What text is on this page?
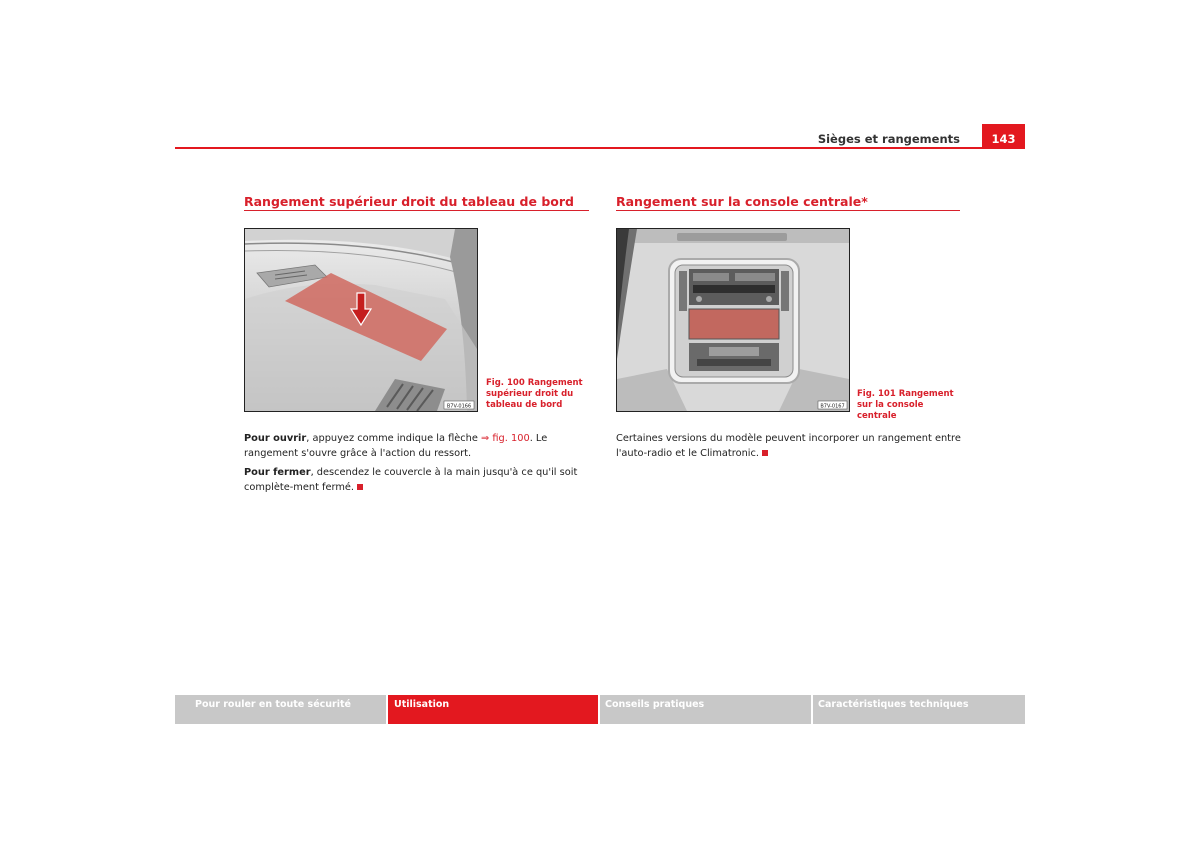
Sièges et rangements	143
Rangement supérieur droit du tableau de bord
B7V-0166
Fig. 100 Rangement supérieur droit du tableau de bord

Pour ouvrir, appuyez comme indique la flèche ⇒ fig. 100. Le rangement s'ouvre grâce à l'action du ressort.

Pour fermer, descendez le couvercle à la main jusqu'à ce qu'il soit complète-ment fermé.

Rangement sur la console centrale*
B7V-0167
Fig. 101 Rangement sur la console centrale

Certaines versions du modèle peuvent incorporer un rangement entre l'auto-radio et le Climatronic.

Pour rouler en toute sécurité	Utilisation	Conseils pratiques	Caractéristiques techniques
